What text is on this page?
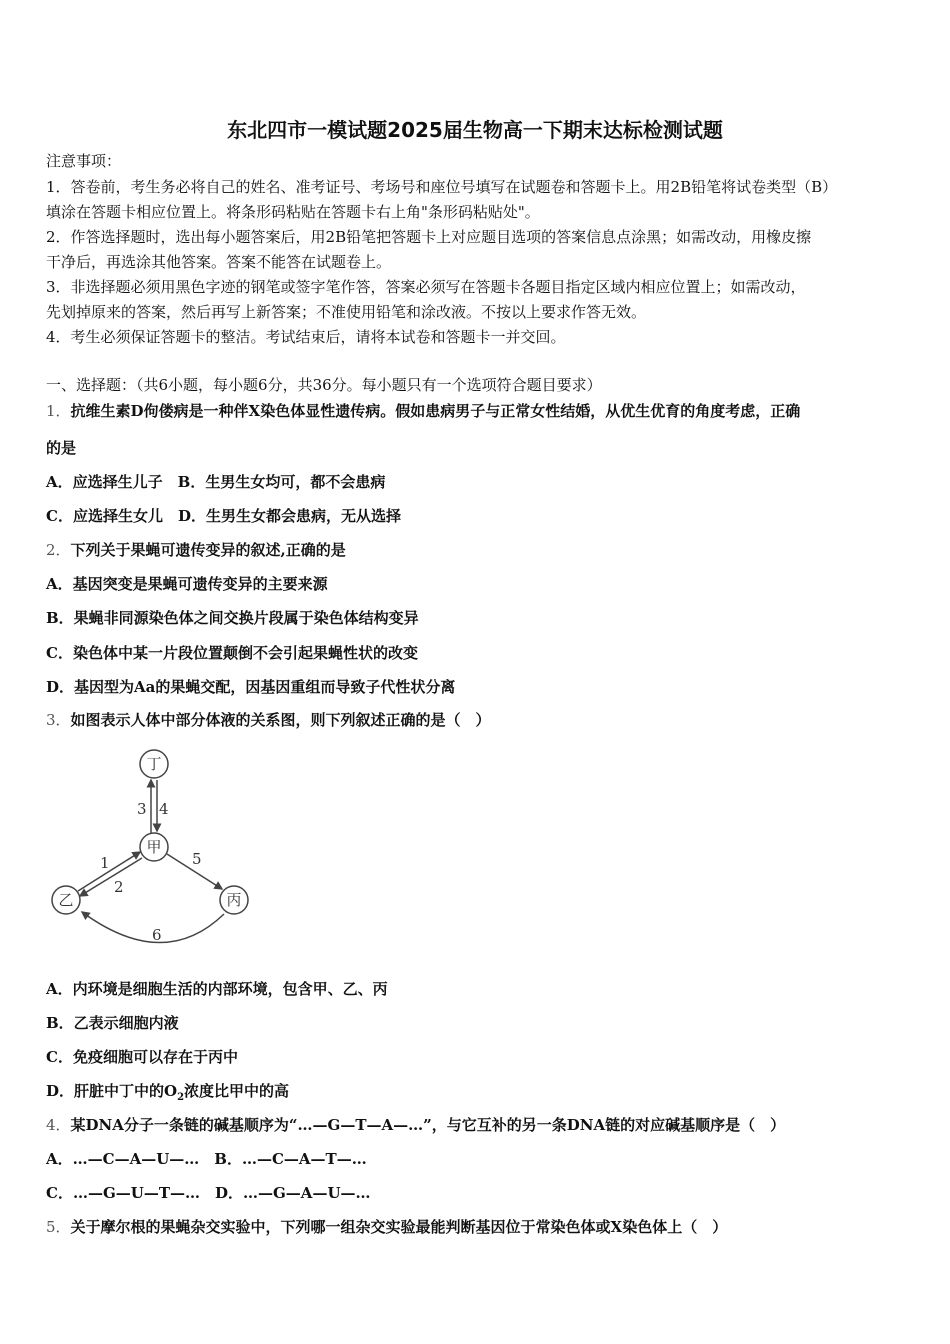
东北四市一模试题2025届生物高一下期末达标检测试题
注意事项：
1．答卷前，考生务必将自己的姓名、准考证号、考场号和座位号填写在试题卷和答题卡上。用2B铅笔将试卷类型（B）
填涂在答题卡相应位置上。将条形码粘贴在答题卡右上角"条形码粘贴处"。
2．作答选择题时，选出每小题答案后，用2B铅笔把答题卡上对应题目选项的答案信息点涂黑；如需改动，用橡皮擦
干净后，再选涂其他答案。答案不能答在试题卷上。
3．非选择题必须用黑色字迹的钢笔或签字笔作答，答案必须写在答题卡各题目指定区域内相应位置上；如需改动，
先划掉原来的答案，然后再写上新答案；不准使用铅笔和涂改液。不按以上要求作答无效。
4．考生必须保证答题卡的整洁。考试结束后，请将本试卷和答题卡一并交回。
一、选择题：（共6小题，每小题6分，共36分。每小题只有一个选项符合题目要求）
1．抗维生素D佝偻病是一种伴X染色体显性遗传病。假如患病男子与正常女性结婚，从优生优育的角度考虑，正确
的是
A．应选择生儿子　B．生男生女均可，都不会患病
C．应选择生女儿　D．生男生女都会患病，无从选择
2．下列关于果蝇可遗传变异的叙述,正确的是
A．基因突变是果蝇可遗传变异的主要来源
B．果蝇非同源染色体之间交换片段属于染色体结构变异
C．染色体中某一片段位置颠倒不会引起果蝇性状的改变
D．基因型为Aa的果蝇交配，因基因重组而导致子代性状分离
3．如图表示人体中部分体液的关系图，则下列叙述正确的是（　）
丁
甲
乙	丙
1
2
3 4
5
6
A．内环境是细胞生活的内部环境，包含甲、乙、丙
B．乙表示细胞内液
C．免疫细胞可以存在于丙中
D．肝脏中丁中的$O_2$浓度比甲中的高
4．某DNA分子一条链的碱基顺序为“…—G—T—A—…”，与它互补的另一条DNA链的对应碱基顺序是（　）
A．…—C—A—U—…　B．…—C—A—T—…
C．…—G—U—T—…　D．…—G—A—U—…
5．关于摩尔根的果蝇杂交实验中，下列哪一组杂交实验最能判断基因位于常染色体或X染色体上（　）
